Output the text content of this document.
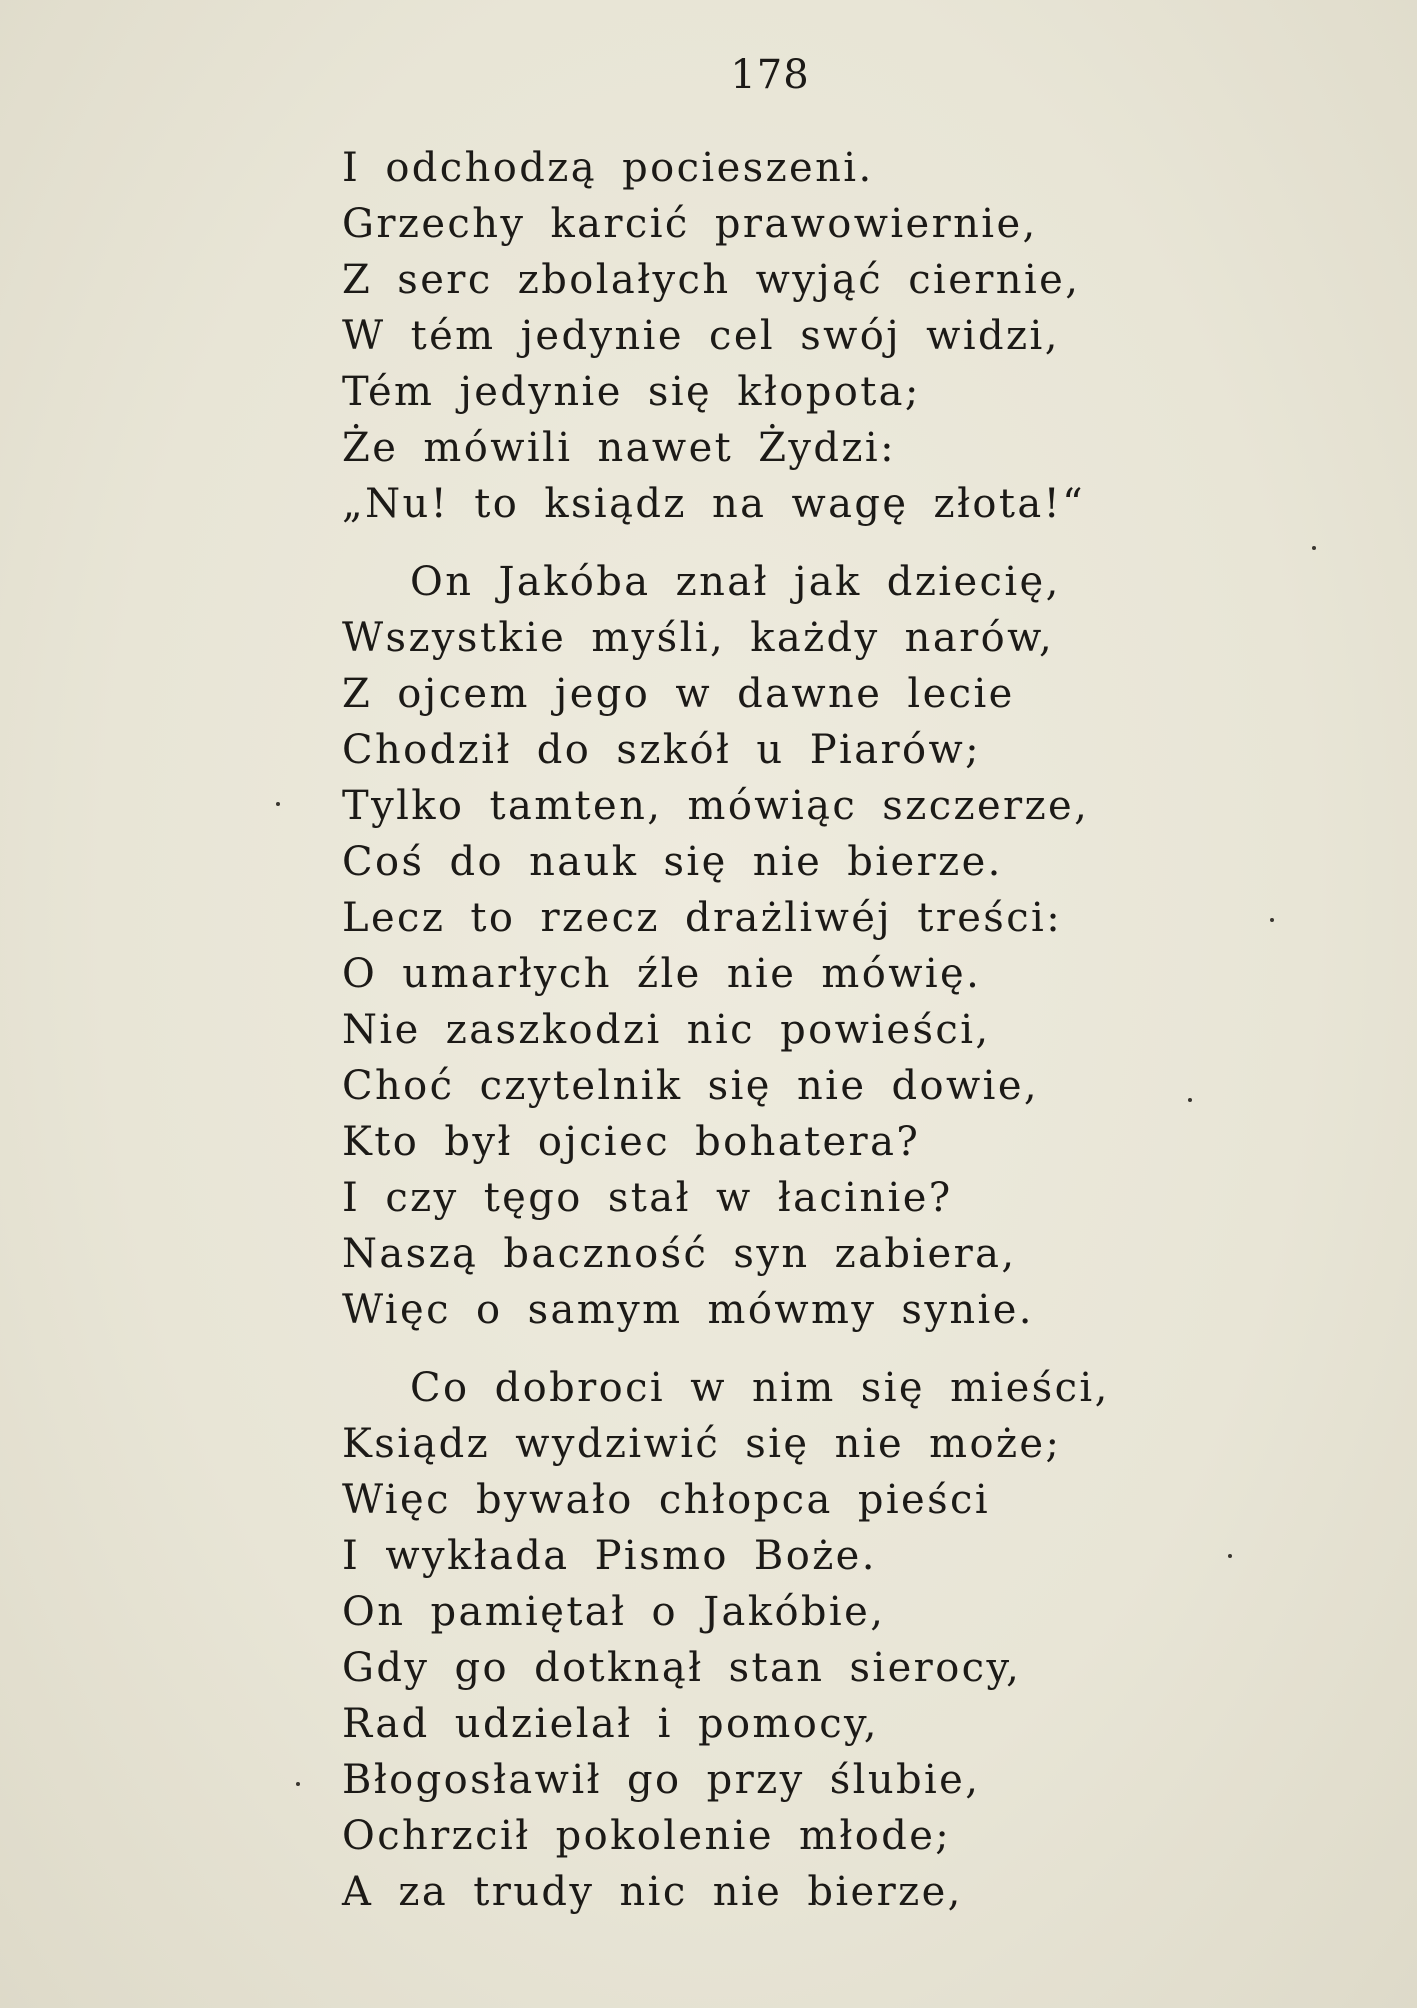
178
I odchodzą pocieszeni.
Grzechy karcić prawowiernie,
Z serc zbolałych wyjąć ciernie,
W tém jedynie cel swój widzi,
Tém jedynie się kłopota;
Że mówili nawet Żydzi:
„Nu! to ksiądz na wagę złota!“
On Jakóba znał jak dziecię,
Wszystkie myśli, każdy narów,
Z ojcem jego w dawne lecie
Chodził do szkół u Piarów;
Tylko tamten, mówiąc szczerze,
Coś do nauk się nie bierze.
Lecz to rzecz drażliwéj treści:
O umarłych źle nie mówię.
Nie zaszkodzi nic powieści,
Choć czytelnik się nie dowie,
Kto był ojciec bohatera?
I czy tęgo stał w łacinie?
Naszą baczność syn zabiera,
Więc o samym mówmy synie.
Co dobroci w nim się mieści,
Ksiądz wydziwić się nie może;
Więc bywało chłopca pieści
I wykłada Pismo Boże.
On pamiętał o Jakóbie,
Gdy go dotknął stan sierocy,
Rad udzielał i pomocy,
Błogosławił go przy ślubie,
Ochrzcił pokolenie młode;
A za trudy nic nie bierze,
